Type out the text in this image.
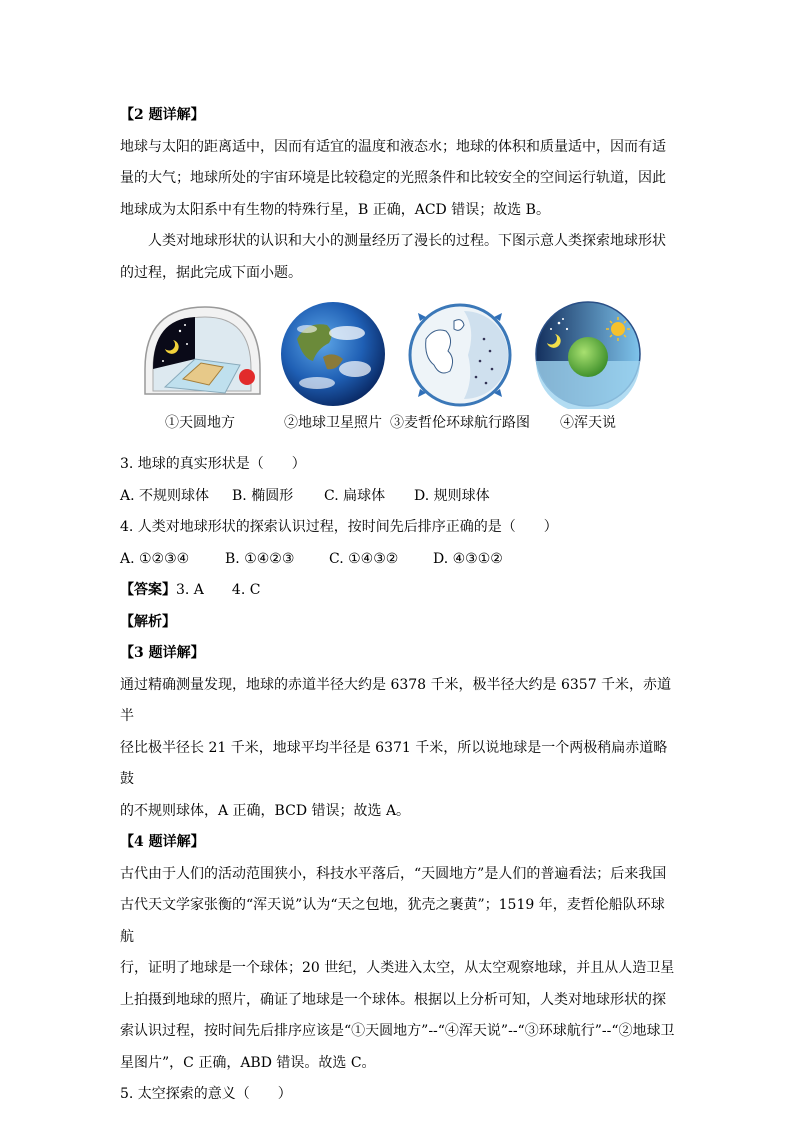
【2 题详解】

地球与太阳的距离适中，因而有适宜的温度和液态水；地球的体积和质量适中，因而有适

量的大气；地球所处的宇宙环境是比较稳定的光照条件和比较安全的空间运行轨道，因此

地球成为太阳系中有生物的特殊行星，B 正确，ACD 错误；故选 B。

人类对地球形状的认识和大小的测量经历了漫长的过程。下图示意人类探索地球形状

的过程，据此完成下面小题。

①天圆地方	②地球卫星照片 ③麦哲伦环球航行路图	④浑天说

3. 地球的真实形状是（　　）

A. 不规则球体 B. 椭圆形 C. 扁球体 D. 规则球体

4. 人类对地球形状的探索认识过程，按时间先后排序正确的是（　　）

A. ①②③④	B. ①④②③ C. ①④③② D. ④③①②

【答案】3. A　　4. C

【解析】

【3 题详解】

通过精确测量发现，地球的赤道半径大约是 6378 千米，极半径大约是 6357 千米，赤道半

径比极半径长 21 千米，地球平均半径是 6371 千米，所以说地球是一个两极稍扁赤道略鼓

的不规则球体，A 正确，BCD 错误；故选 A。

【4 题详解】

古代由于人们的活动范围狭小，科技水平落后，“天圆地方”是人们的普遍看法；后来我国

古代天文学家张衡的“浑天说”认为“天之包地，犹壳之裹黄”；1519 年，麦哲伦船队环球航

行，证明了地球是一个球体；20 世纪，人类进入太空，从太空观察地球，并且从人造卫星

上拍摄到地球的照片，确证了地球是一个球体。根据以上分析可知，人类对地球形状的探

索认识过程，按时间先后排序应该是“①天圆地方”--“④浑天说”--“③环球航行”--“②地球卫

星图片”，C 正确，ABD 错误。故选 C。

5. 太空探索的意义（　　）
